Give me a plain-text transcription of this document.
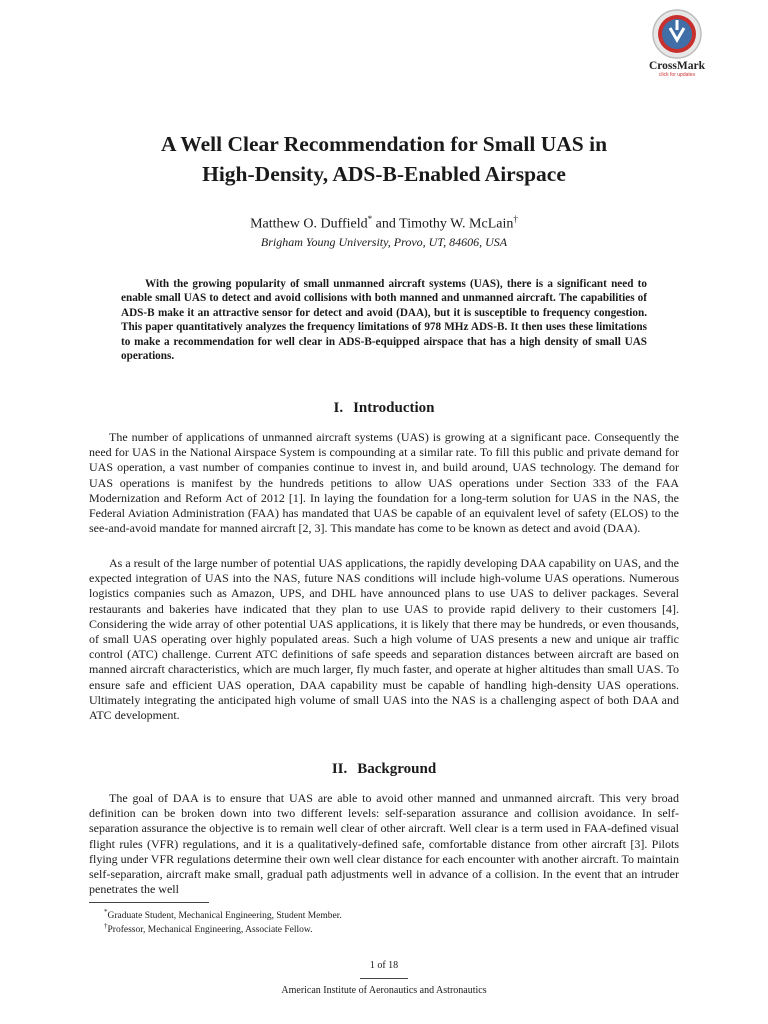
CrossMark
click for updates
A Well Clear Recommendation for Small UAS in
High-Density, ADS-B-Enabled Airspace
Matthew O. Duffield* and Timothy W. McLain†
Brigham Young University, Provo, UT, 84606, USA

With the growing popularity of small unmanned aircraft systems (UAS), there is a significant need to enable small UAS to detect and avoid collisions with both manned and unmanned aircraft. The capabilities of ADS-B make it an attractive sensor for detect and avoid (DAA), but it is susceptible to frequency congestion. This paper quantitatively analyzes the frequency limitations of 978 MHz ADS-B. It then uses these limitations to make a recommendation for well clear in ADS-B-equipped airspace that has a high density of small UAS operations.

I. Introduction

The number of applications of unmanned aircraft systems (UAS) is growing at a significant pace. Consequently the need for UAS in the National Airspace System is compounding at a similar rate. To fill this public and private demand for UAS operation, a vast number of companies continue to invest in, and build around, UAS technology. The demand for UAS operations is manifest by the hundreds petitions to allow UAS operations under Section 333 of the FAA Modernization and Reform Act of 2012 [1]. In laying the foundation for a long-term solution for UAS in the NAS, the Federal Aviation Administration (FAA) has mandated that UAS be capable of an equivalent level of safety (ELOS) to the see-and-avoid mandate for manned aircraft [2, 3]. This mandate has come to be known as detect and avoid (DAA).

As a result of the large number of potential UAS applications, the rapidly developing DAA capability on UAS, and the expected integration of UAS into the NAS, future NAS conditions will include high-volume UAS operations. Numerous logistics companies such as Amazon, UPS, and DHL have announced plans to use UAS to deliver packages. Several restaurants and bakeries have indicated that they plan to use UAS to provide rapid delivery to their customers [4]. Considering the wide array of other potential UAS applications, it is likely that there may be hundreds, or even thousands, of small UAS operating over highly populated areas. Such a high volume of UAS presents a new and unique air traffic control (ATC) challenge. Current ATC definitions of safe speeds and separation distances between aircraft are based on manned aircraft characteristics, which are much larger, fly much faster, and operate at higher altitudes than small UAS. To ensure safe and efficient UAS operation, DAA capability must be capable of handling high-density UAS operations. Ultimately integrating the anticipated high volume of small UAS into the NAS is a challenging aspect of both DAA and ATC development.

II. Background

The goal of DAA is to ensure that UAS are able to avoid other manned and unmanned aircraft. This very broad definition can be broken down into two different levels: self-separation assurance and collision avoidance. In self-separation assurance the objective is to remain well clear of other aircraft. Well clear is a term used in FAA-defined visual flight rules (VFR) regulations, and it is a qualitatively-defined safe, comfortable distance from other aircraft [3]. Pilots flying under VFR regulations determine their own well clear distance for each encounter with another aircraft. To maintain self-separation, aircraft make small, gradual path adjustments well in advance of a collision. In the event that an intruder penetrates the well

*Graduate Student, Mechanical Engineering, Student Member.
†Professor, Mechanical Engineering, Associate Fellow.
1 of 18
American Institute of Aeronautics and Astronautics
